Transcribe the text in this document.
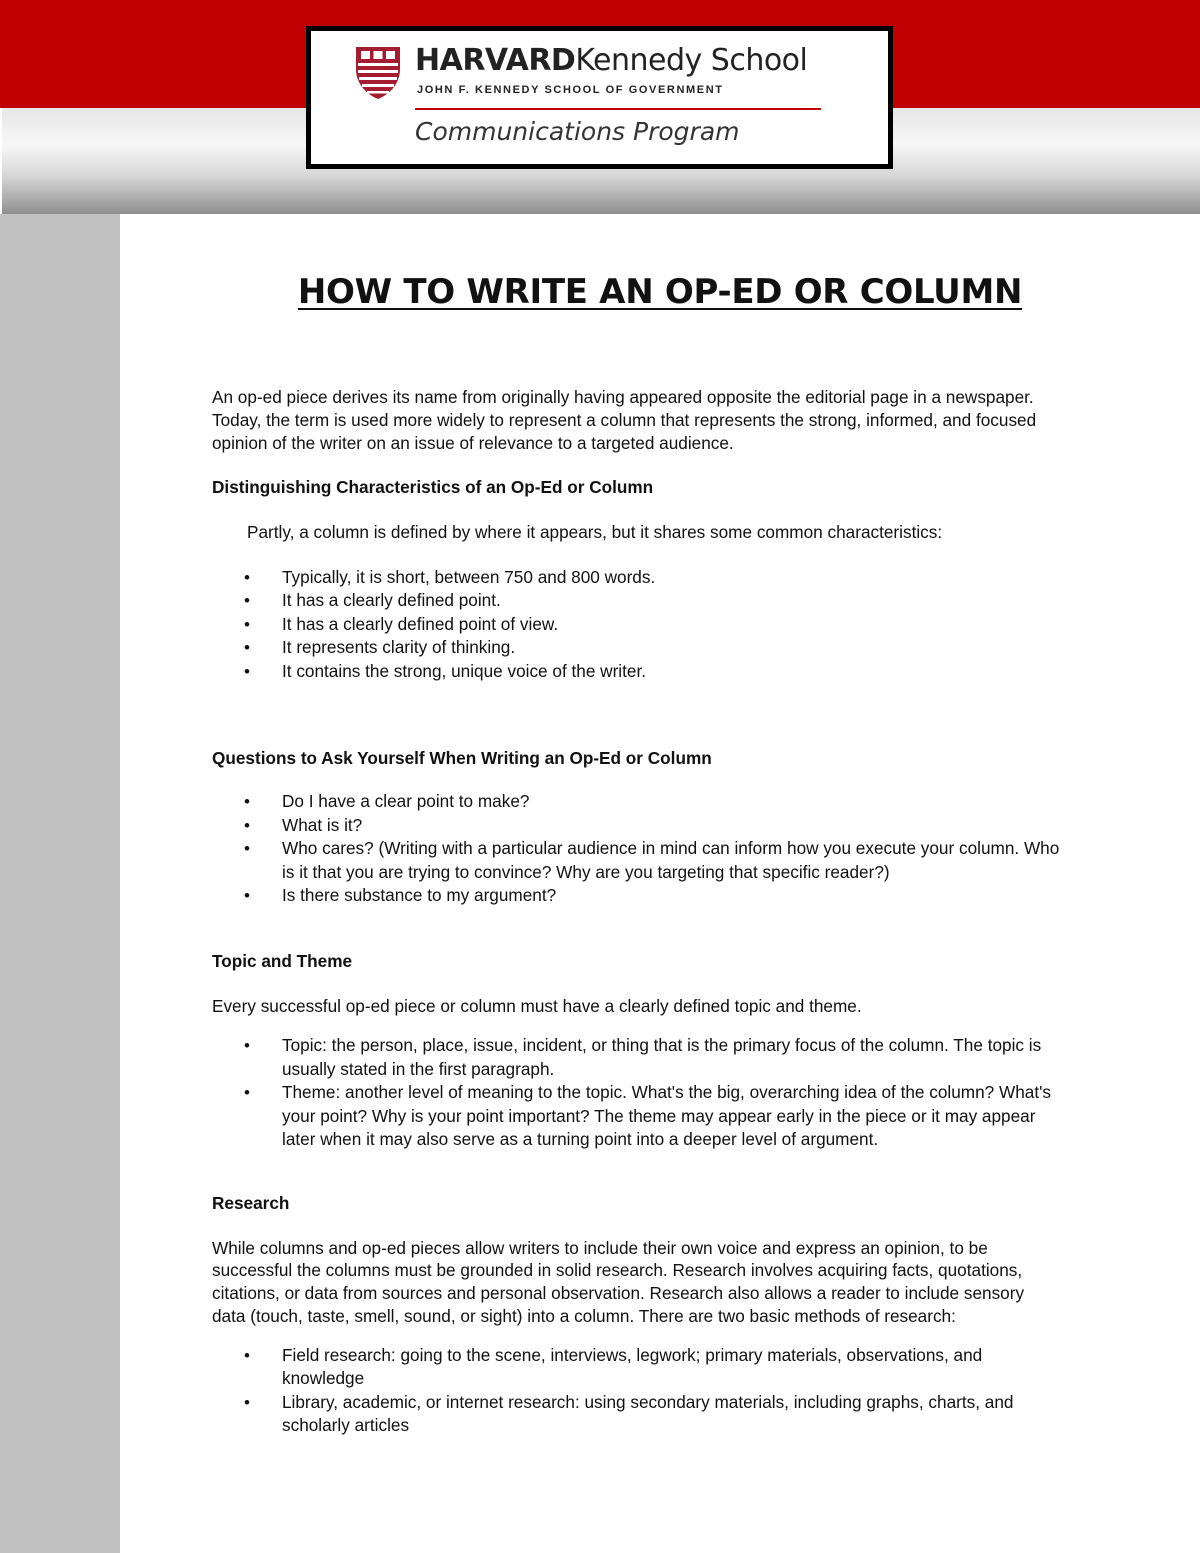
HARVARDKennedy School
JOHN F. KENNEDY SCHOOL OF GOVERNMENT
Communications Program
HOW TO WRITE AN OP-ED OR COLUMN

An op-ed piece derives its name from originally having appeared opposite the editorial page in a newspaper. Today, the term is used more widely to represent a column that represents the strong, informed, and focused opinion of the writer on an issue of relevance to a targeted audience.

Distinguishing Characteristics of an Op-Ed or Column

Partly, a column is defined by where it appears, but it shares some common characteristics:

• Typically, it is short, between 750 and 800 words.
• It has a clearly defined point.
• It has a clearly defined point of view.
• It represents clarity of thinking.
• It contains the strong, unique voice of the writer.
Questions to Ask Yourself When Writing an Op-Ed or Column
• Do I have a clear point to make?
• What is it?
• Who cares? (Writing with a particular audience in mind can inform how you execute your column. Who is it that you are trying to convince? Why are you targeting that specific reader?)
• Is there substance to my argument?
Topic and Theme

Every successful op-ed piece or column must have a clearly defined topic and theme.

• Topic: the person, place, issue, incident, or thing that is the primary focus of the column. The topic is usually stated in the first paragraph.
• Theme: another level of meaning to the topic. What's the big, overarching idea of the column? What's your point? Why is your point important? The theme may appear early in the piece or it may appear later when it may also serve as a turning point into a deeper level of argument.
Research

While columns and op-ed pieces allow writers to include their own voice and express an opinion, to be successful the columns must be grounded in solid research. Research involves acquiring facts, quotations, citations, or data from sources and personal observation. Research also allows a reader to include sensory data (touch, taste, smell, sound, or sight) into a column. There are two basic methods of research:

• Field research: going to the scene, interviews, legwork; primary materials, observations, and knowledge
• Library, academic, or internet research: using secondary materials, including graphs, charts, and scholarly articles
